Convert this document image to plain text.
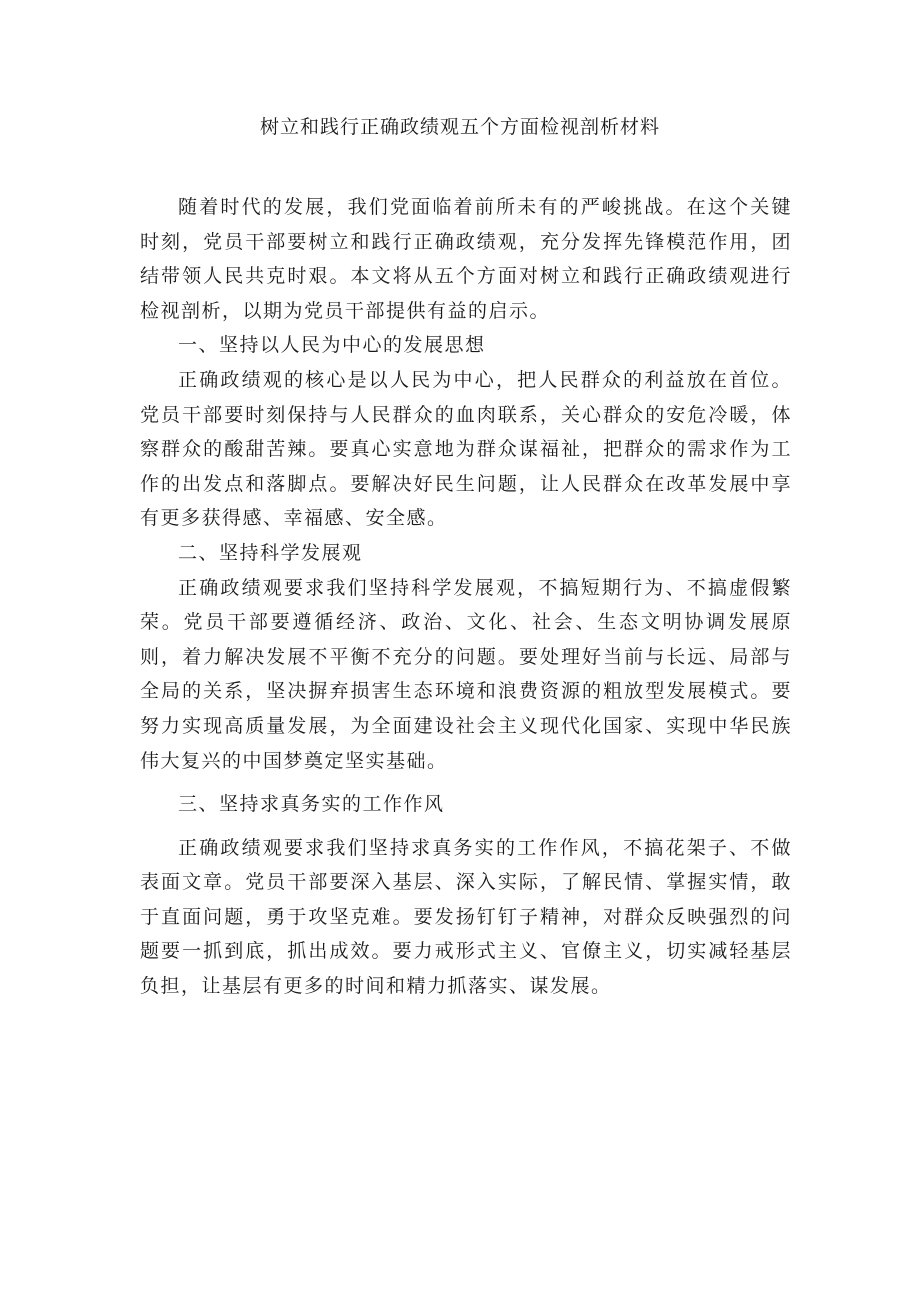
树立和践行正确政绩观五个方面检视剖析材料

随着时代的发展，我们党面临着前所未有的严峻挑战。在这个关键时刻，党员干部要树立和践行正确政绩观，充分发挥先锋模范作用，团结带领人民共克时艰。本文将从五个方面对树立和践行正确政绩观进行检视剖析，以期为党员干部提供有益的启示。

一、坚持以人民为中心的发展思想

正确政绩观的核心是以人民为中心，把人民群众的利益放在首位。党员干部要时刻保持与人民群众的血肉联系，关心群众的安危冷暖，体察群众的酸甜苦辣。要真心实意地为群众谋福祉，把群众的需求作为工作的出发点和落脚点。要解决好民生问题，让人民群众在改革发展中享有更多获得感、幸福感、安全感。

二、坚持科学发展观

正确政绩观要求我们坚持科学发展观，不搞短期行为、不搞虚假繁荣。党员干部要遵循经济、政治、文化、社会、生态文明协调发展原则，着力解决发展不平衡不充分的问题。要处理好当前与长远、局部与全局的关系，坚决摒弃损害生态环境和浪费资源的粗放型发展模式。要努力实现高质量发展，为全面建设社会主义现代化国家、实现中华民族伟大复兴的中国梦奠定坚实基础。

三、坚持求真务实的工作作风

正确政绩观要求我们坚持求真务实的工作作风，不搞花架子、不做表面文章。党员干部要深入基层、深入实际，了解民情、掌握实情，敢于直面问题，勇于攻坚克难。要发扬钉钉子精神，对群众反映强烈的问题要一抓到底，抓出成效。要力戒形式主义、官僚主义，切实减轻基层负担，让基层有更多的时间和精力抓落实、谋发展。
